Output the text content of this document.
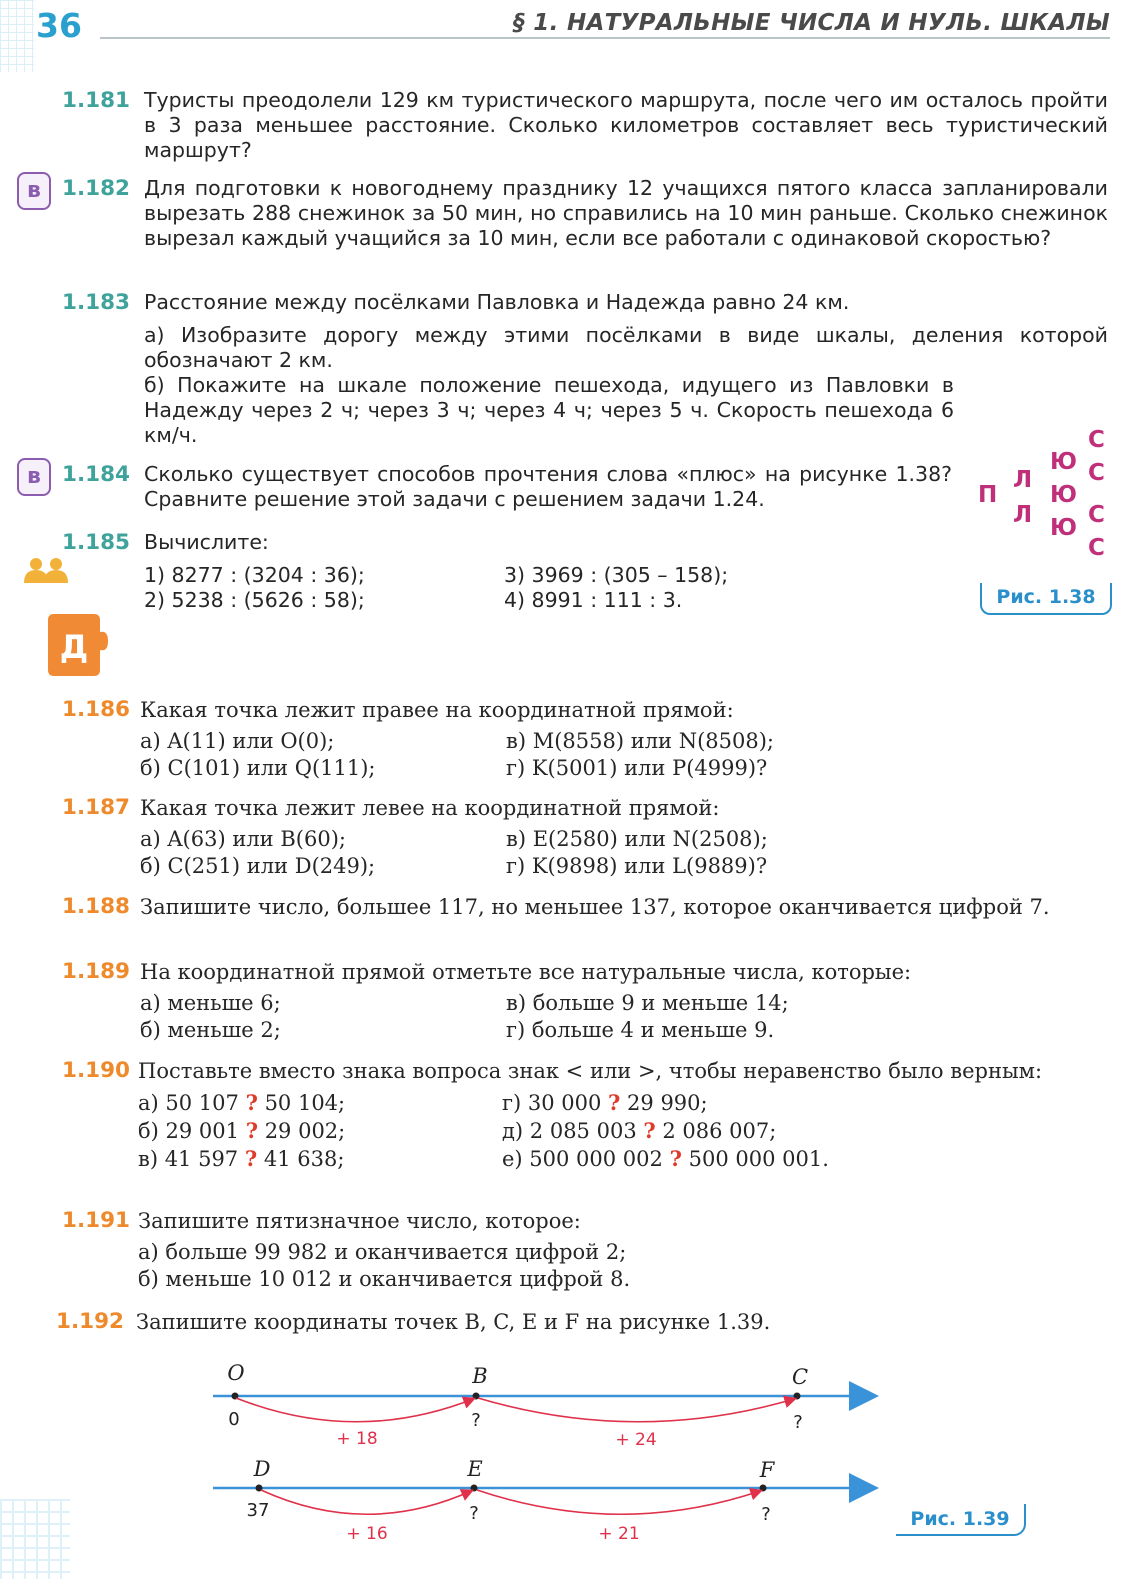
36	§ 1. НАТУРАЛЬНЫЕ ЧИСЛА И НУЛЬ. ШКАЛЫ
1.181 Туристы преодолели 129 км туристического маршрута, после чего им осталось пройти в 3 раза меньшее расстояние. Сколько километров составляет весь туристический маршрут?
в 1.182 Для подготовки к новогоднему празднику 12 учащихся пятого класса запланировали вырезать 288 снежинок за 50 мин, но справились на 10 мин раньше. Сколько снежинок вырезал каждый учащийся за 10 мин, если все работали с одинаковой скоростью?
1.183 Расстояние между посёлками Павловка и Надежда равно 24 км.
а) Изобразите дорогу между этими посёлками в виде шкалы, деления которой обозначают 2 км.
б) Покажите на шкале положение пешехода, идущего из Павловки в Надежду через 2 ч; через 3 ч; через 4 ч; через 5 ч. Скорость пешехода 6 км/ч.
в 1.184 Сколько существует способов прочтения слова «плюс» на рисунке 1.38? Сравните решение этой задачи с решением задачи 1.24.	П
Л
Л
Ю
Ю
Ю
С
С
С
С
Рис. 1.38
1.185 Вычислите:
1) 8277 : (3204 : 36);	3) 3969 : (305 – 158);
2) 5238 : (5626 : 58);	4) 8991 : 111 : 3.
Д
1.186 Какая точка лежит правее на координатной прямой:
а) A(11) или O(0);	в) M(8558) или N(8508);
б) C(101) или Q(111);	г) K(5001) или P(4999)?
1.187 Какая точка лежит левее на координатной прямой:
а) A(63) или B(60);	в) E(2580) или N(2508);
б) C(251) или D(249);	г) K(9898) или L(9889)?
1.188 Запишите число, большее 117, но меньшее 137, которое оканчивается цифрой 7.
1.189 На координатной прямой отметьте все натуральные числа, которые:
а) меньше 6;	в) больше 9 и меньше 14;
б) меньше 2;	г) больше 4 и меньше 9.
1.190 Поставьте вместо знака вопроса знак < или >, чтобы неравенство было верным:
а) 50 107 ? 50 104;	г) 30 000 ? 29 990;
б) 29 001 ? 29 002;	д) 2 085 003 ? 2 086 007;
в) 41 597 ? 41 638;	е) 500 000 002 ? 500 000 001.
1.191 Запишите пятизначное число, которое:
а) больше 99 982 и оканчивается цифрой 2;
б) меньше 10 012 и оканчивается цифрой 8.
1.192 Запишите координаты точек B, C, E и F на рисунке 1.39.
O	B	C
0	?	?
+ 18	+ 24
D	E	F
37	?	?
+ 16	+ 21
Рис. 1.39
